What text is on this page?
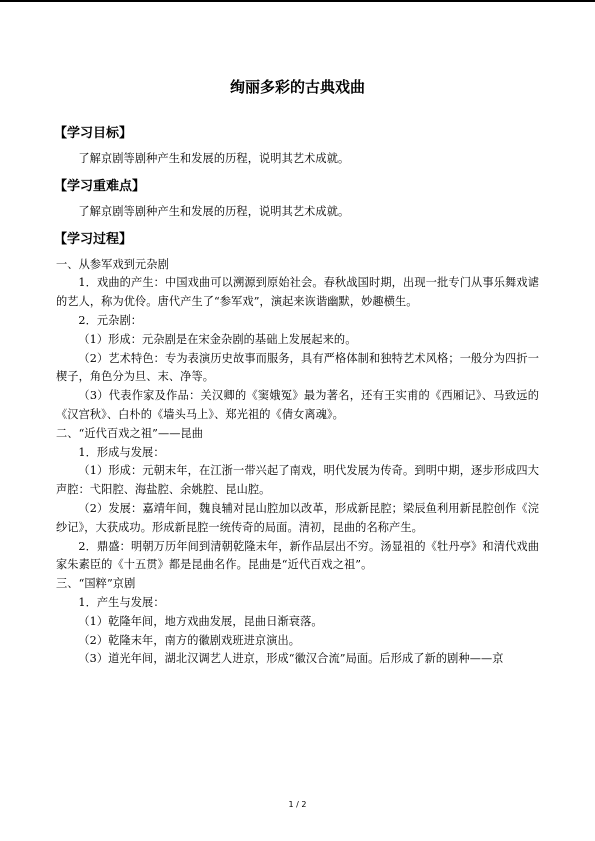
绚丽多彩的古典戏曲
【学习目标】

了解京剧等剧种产生和发展的历程，说明其艺术成就。

【学习重难点】

了解京剧等剧种产生和发展的历程，说明其艺术成就。

【学习过程】

一、从参军戏到元杂剧

1．戏曲的产生：中国戏曲可以溯源到原始社会。春秋战国时期，出现一批专门从事乐舞戏谑的艺人，称为优伶。唐代产生了“参军戏”，演起来诙谐幽默，妙趣横生。

2．元杂剧：

（1）形成：元杂剧是在宋金杂剧的基础上发展起来的。

（2）艺术特色：专为表演历史故事而服务，具有严格体制和独特艺术风格；一般分为四折一楔子，角色分为旦、末、净等。

（3）代表作家及作品：关汉卿的《窦娥冤》最为著名，还有王实甫的《西厢记》、马致远的《汉宫秋》、白朴的《墙头马上》、郑光祖的《倩女离魂》。

二、“近代百戏之祖”——昆曲

1．形成与发展：

（1）形成：元朝末年，在江浙一带兴起了南戏，明代发展为传奇。到明中期，逐步形成四大声腔：弋阳腔、海盐腔、余姚腔、昆山腔。

（2）发展：嘉靖年间，魏良辅对昆山腔加以改革，形成新昆腔；梁辰鱼利用新昆腔创作《浣纱记》，大获成功。形成新昆腔一统传奇的局面。清初，昆曲的名称产生。

2．鼎盛：明朝万历年间到清朝乾隆末年，新作品层出不穷。汤显祖的《牡丹亭》和清代戏曲家朱素臣的《十五贯》都是昆曲名作。昆曲是“近代百戏之祖”。

三、“国粹”京剧

1．产生与发展：

（1）乾隆年间，地方戏曲发展，昆曲日渐衰落。

（2）乾隆末年，南方的徽剧戏班进京演出。

（3）道光年间，湖北汉调艺人进京，形成“徽汉合流”局面。后形成了新的剧种——京

1 / 2
